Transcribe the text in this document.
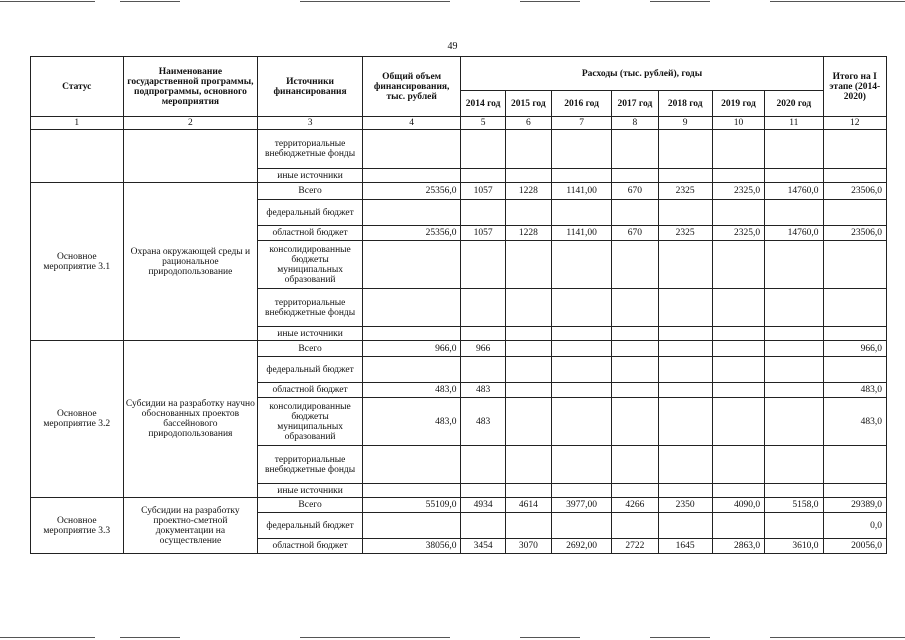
49
Статус	Наименование государственной программы, подпрограммы, основного мероприятия	Источники финансирования	Общий объем финансирования, тыс. рублей	Расходы (тыс. рублей), годы							Итого на I этапе (2014-2020)
				2014 год	2015 год	2016 год	2017 год	2018 год	2019 год	2020 год	
1	2	3	4	5	6	7	8	9	10	11	12
		территориальные внебюджетные фонды									
		иные источники									
Основное мероприятие 3.1	Охрана окружающей среды и рациональное природопользование	Всего	25356,0	1057	1228	1141,00	670	2325	2325,0	14760,0	23506,0
		федеральный бюджет									
		областной бюджет	25356,0	1057	1228	1141,00	670	2325	2325,0	14760,0	23506,0
		консолидированные бюджеты муниципальных образований									
		территориальные внебюджетные фонды									
		иные источники									
Основное мероприятие 3.2	Субсидии на разработку научно обоснованных проектов бассейнового природопользования	Всего	966,0	966							966,0
		федеральный бюджет									
		областной бюджет	483,0	483							483,0
		консолидированные бюджеты муниципальных образований	483,0	483							483,0
		территориальные внебюджетные фонды									
		иные источники									
Основное мероприятие 3.3	Субсидии на разработку проектно-сметной документации на осуществление	Всего	55109,0	4934	4614	3977,00	4266	2350	4090,0	5158,0	29389,0
		федеральный бюджет									0,0
		областной бюджет	38056,0	3454	3070	2692,00	2722	1645	2863,0	3610,0	20056,0
